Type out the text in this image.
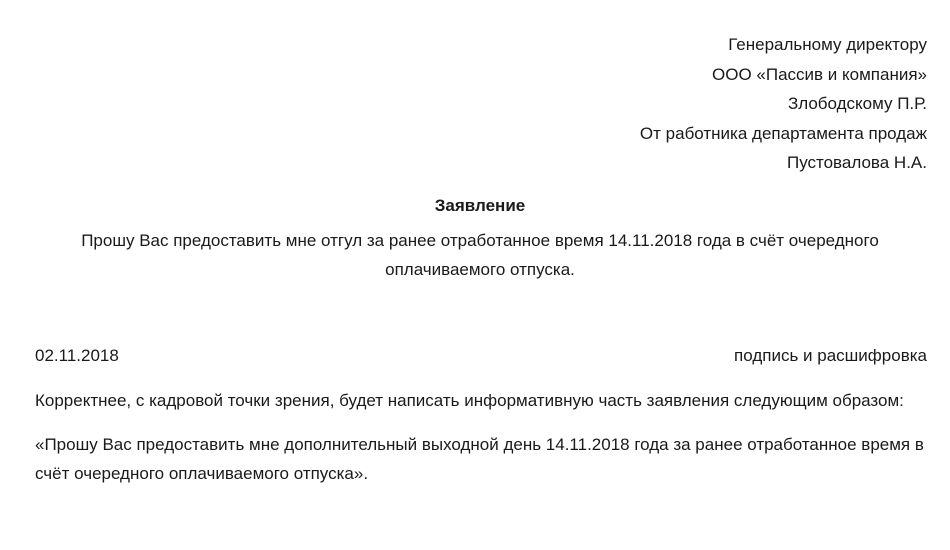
Генеральному директору
ООО «Пассив и компания»
Злободскому П.Р.
От работника департамента продаж
Пустовалова Н.А.
Заявление
Прошу Вас предоставить мне отгул за ранее отработанное время 14.11.2018 года в счёт очередного оплачиваемого отпуска.
02.11.2018	подпись и расшифровка
Корректнее, с кадровой точки зрения, будет написать информативную часть заявления следующим образом:
«Прошу Вас предоставить мне дополнительный выходной день 14.11.2018 года за ранее отработанное время в счёт очередного оплачиваемого отпуска».
